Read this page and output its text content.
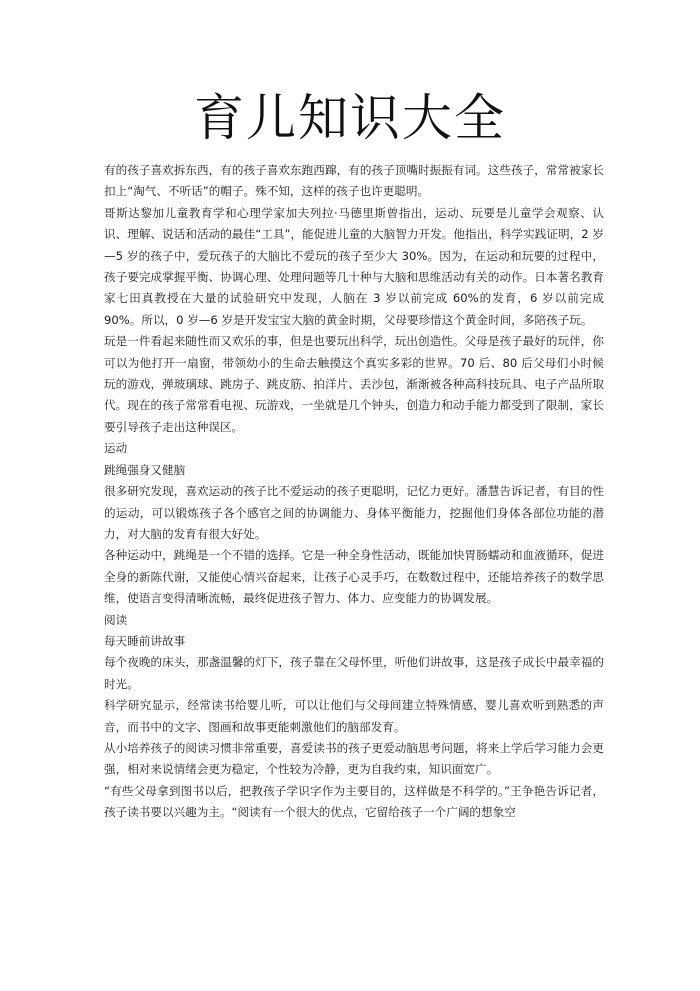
育儿知识大全

有的孩子喜欢拆东西，有的孩子喜欢东跑西蹿，有的孩子顶嘴时振振有词。这些孩子，常常被家长扣上“淘气、不听话”的帽子。殊不知，这样的孩子也许更聪明。

哥斯达黎加儿童教育学和心理学家加夫列拉·马德里斯曾指出，运动、玩要是儿童学会观察、认识、理解、说话和活动的最佳“工具”，能促进儿童的大脑智力开发。他指出，科学实践证明，2 岁—5 岁的孩子中，爱玩孩子的大脑比不爱玩的孩子至少大 30%。因为，在运动和玩要的过程中，孩子要完成掌握平衡、协调心理、处理问题等几十种与大脑和思维活动有关的动作。日本著名教育家七田真教授在大量的试验研究中发现，人脑在 3 岁以前完成 60%的发育，6 岁以前完成 90%。所以，0 岁—6 岁是开发宝宝大脑的黄金时期，父母要珍惜这个黄金时间，多陪孩子玩。

玩是一件看起来随性而又欢乐的事，但是也要玩出科学，玩出创造性。父母是孩子最好的玩伴，你可以为他打开一扇窗，带领幼小的生命去触摸这个真实多彩的世界。70 后、80 后父母们小时候玩的游戏，弹玻璃球、跳房子、跳皮筋、拍洋片、丢沙包，渐渐被各种高科技玩具、电子产品所取代。现在的孩子常常看电视、玩游戏，一坐就是几个钟头，创造力和动手能力都受到了限制，家长要引导孩子走出这种误区。

运动

跳绳强身又健脑

很多研究发现，喜欢运动的孩子比不爱运动的孩子更聪明，记忆力更好。潘慧告诉记者，有目的性的运动，可以锻炼孩子各个感官之间的协调能力、身体平衡能力，挖掘他们身体各部位功能的潜力，对大脑的发育有很大好处。

各种运动中，跳绳是一个不错的选择。它是一种全身性活动，既能加快胃肠蠕动和血液循环，促进全身的新陈代谢，又能使心情兴奋起来，让孩子心灵手巧，在数数过程中，还能培养孩子的数学思维，使语言变得清晰流畅，最终促进孩子智力、体力、应变能力的协调发展。

阅读

每天睡前讲故事

每个夜晚的床头，那盏温馨的灯下，孩子靠在父母怀里，听他们讲故事，这是孩子成长中最幸福的时光。

科学研究显示，经常读书给婴儿听，可以让他们与父母间建立特殊情感，婴儿喜欢听到熟悉的声音，而书中的文字、图画和故事更能刺激他们的脑部发育。

从小培养孩子的阅读习惯非常重要，喜爱读书的孩子更爱动脑思考问题，将来上学后学习能力会更强，相对来说情绪会更为稳定，个性较为冷静，更为自我约束，知识面宽广。

“有些父母拿到图书以后，把教孩子学识字作为主要目的，这样做是不科学的。”王争艳告诉记者，孩子读书要以兴趣为主。“阅读有一个很大的优点，它留给孩子一个广阔的想象空
